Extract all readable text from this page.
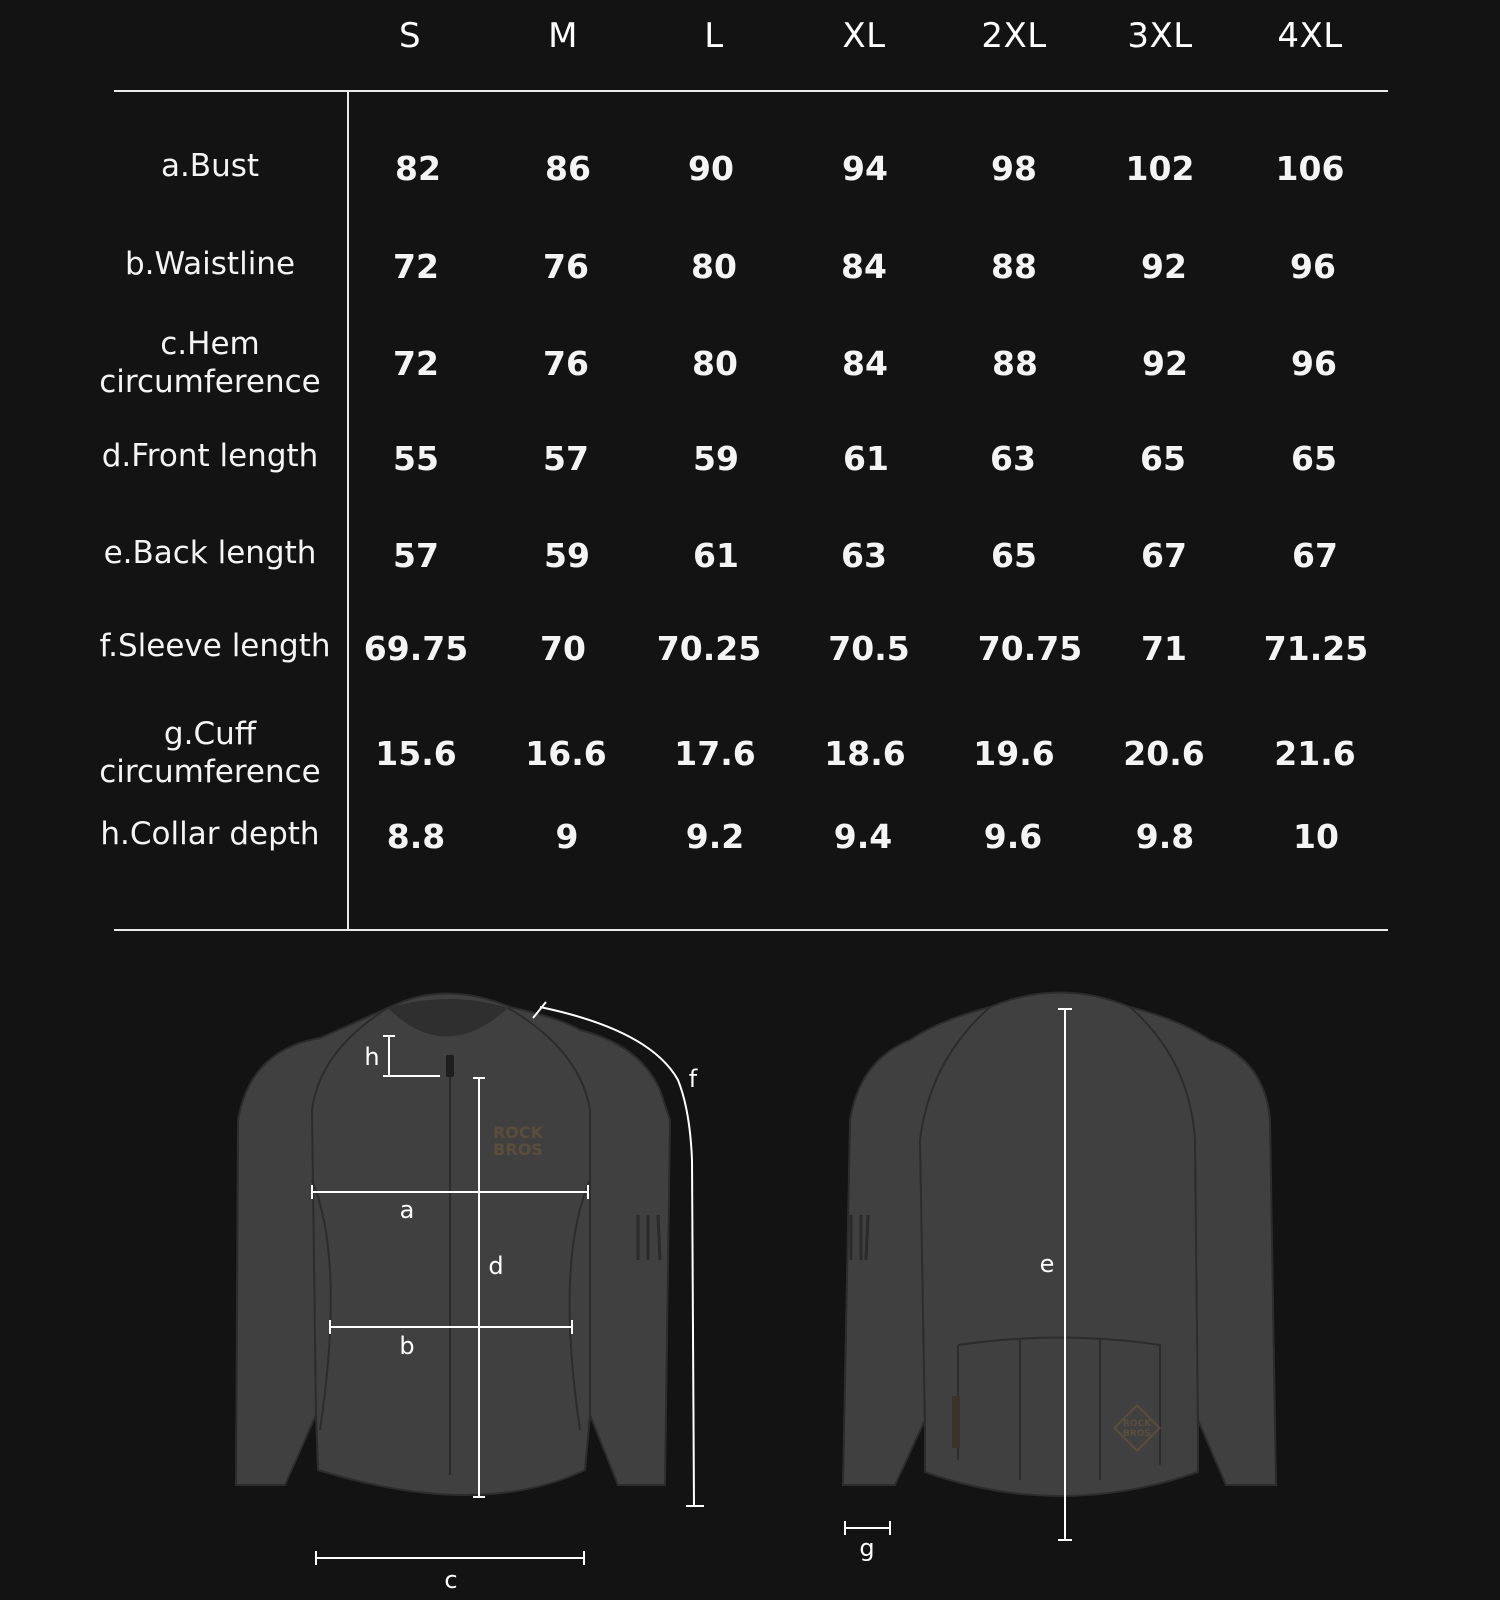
S	M	L	XL	2XL	3XL	4XL
a.Bust	82	86	90	94	98	102	106
b.Waistline	72	76	80	84	88	92	96
c.Hem
circumference	72	76	80	84	88	92	96
d.Front length	55	57	59	61	63	65	65
e.Back length	57	59	61	63	65	67	67
f.Sleeve length	69.75	70	70.25	70.5	70.75	71	71.25
g.Cuff
circumference	15.6	16.6	17.6	18.6	19.6	20.6	21.6
h.Collar depth	8.8	9	9.2	9.4	9.6	9.8	10
ROCK
BROS
ROCK
BROS
h
a
d
b
c
f
e
g
